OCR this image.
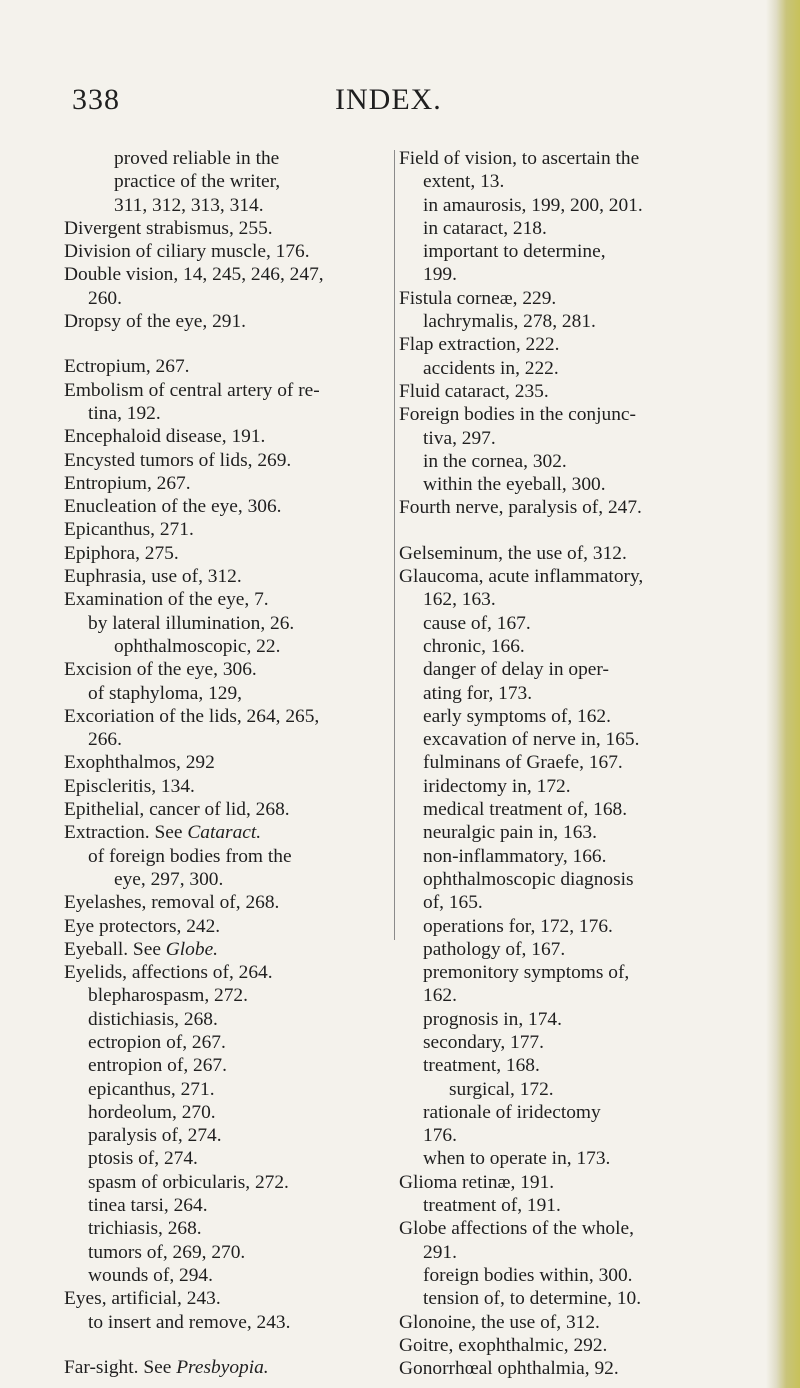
338	INDEX.
proved reliable in the
practice of the writer,
311, 312, 313, 314.
Divergent strabismus, 255.
Division of ciliary muscle, 176.
Double vision, 14, 245, 246, 247,
260.
Dropsy of the eye, 291.
Ectropium, 267.
Embolism of central artery of re-
tina, 192.
Encephaloid disease, 191.
Encysted tumors of lids, 269.
Entropium, 267.
Enucleation of the eye, 306.
Epicanthus, 271.
Epiphora, 275.
Euphrasia, use of, 312.
Examination of the eye, 7.
by lateral illumination, 26.
ophthalmoscopic, 22.
Excision of the eye, 306.
of staphyloma, 129,
Excoriation of the lids, 264, 265,
266.
Exophthalmos, 292
Episcleritis, 134.
Epithelial, cancer of lid, 268.
Extraction. See Cataract.
of foreign bodies from the
eye, 297, 300.
Eyelashes, removal of, 268.
Eye protectors, 242.
Eyeball. See Globe.
Eyelids, affections of, 264.
blepharospasm, 272.
distichiasis, 268.
ectropion of, 267.
entropion of, 267.
epicanthus, 271.
hordeolum, 270.
paralysis of, 274.
ptosis of, 274.
spasm of orbicularis, 272.
tinea tarsi, 264.
trichiasis, 268.
tumors of, 269, 270.
wounds of, 294.
Eyes, artificial, 243.
to insert and remove, 243.
Far-sight. See Presbyopia.
Field of vision, to ascertain the
extent, 13.
in amaurosis, 199, 200, 201.
in cataract, 218.
important to determine,
199.
Fistula corneæ, 229.
lachrymalis, 278, 281.
Flap extraction, 222.
accidents in, 222.
Fluid cataract, 235.
Foreign bodies in the conjunc-
tiva, 297.
in the cornea, 302.
within the eyeball, 300.
Fourth nerve, paralysis of, 247.
Gelseminum, the use of, 312.
Glaucoma, acute inflammatory,
162, 163.
cause of, 167.
chronic, 166.
danger of delay in oper-
ating for, 173.
early symptoms of, 162.
excavation of nerve in, 165.
fulminans of Graefe, 167.
iridectomy in, 172.
medical treatment of, 168.
neuralgic pain in, 163.
non-inflammatory, 166.
ophthalmoscopic diagnosis
of, 165.
operations for, 172, 176.
pathology of, 167.
premonitory symptoms of,
162.
prognosis in, 174.
secondary, 177.
treatment, 168.
surgical, 172.
rationale of iridectomy
176.
when to operate in, 173.
Glioma retinæ, 191.
treatment of, 191.
Globe affections of the whole,
291.
foreign bodies within, 300.
tension of, to determine, 10.
Glonoine, the use of, 312.
Goitre, exophthalmic, 292.
Gonorrhœal ophthalmia, 92.
